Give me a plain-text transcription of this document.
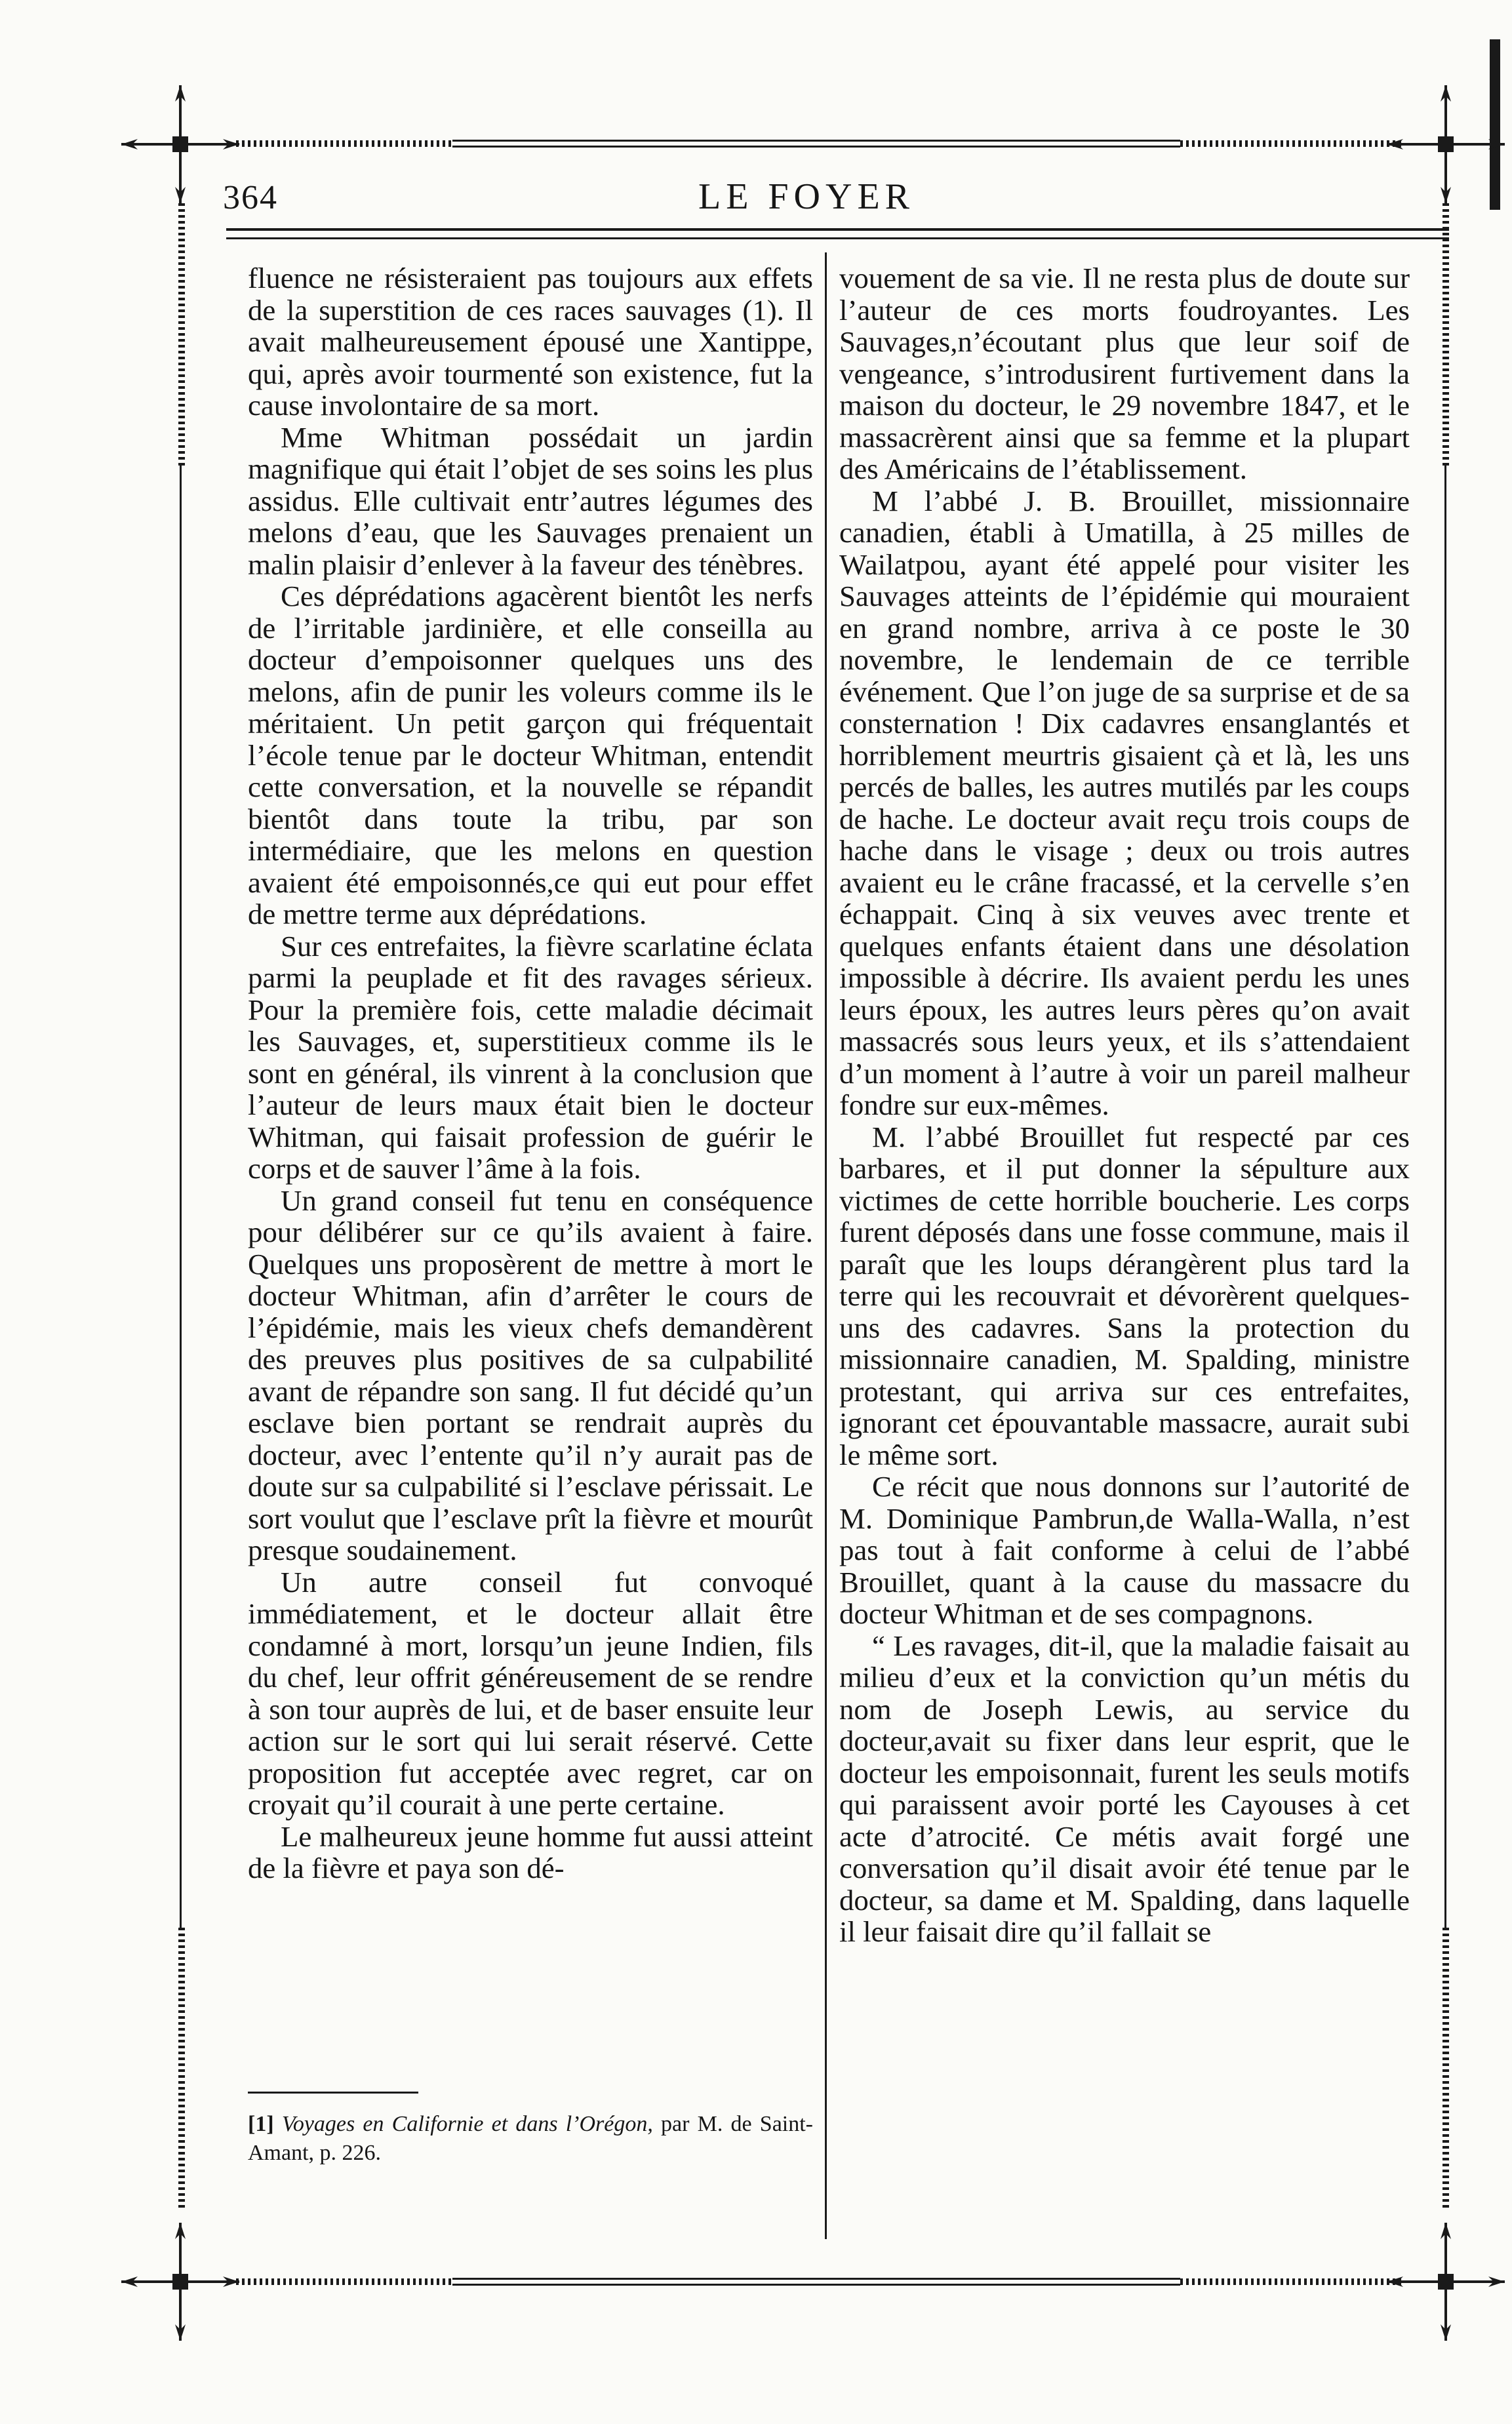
364	LE FOYER

fluence ne résisteraient pas toujours aux effets de la superstition de ces races sauvages (1). Il avait malheureusement épousé une Xantippe, qui, après avoir tourmenté son existence, fut la cause involontaire de sa mort.

Mme Whitman possédait un jardin magnifique qui était l’objet de ses soins les plus assidus. Elle cultivait entr’autres légumes des melons d’eau, que les Sauvages prenaient un malin plaisir d’enlever à la faveur des ténèbres.

Ces déprédations agacèrent bientôt les nerfs de l’irritable jardinière, et elle conseilla au docteur d’empoisonner quelques uns des melons, afin de punir les voleurs comme ils le méritaient. Un petit garçon qui fréquentait l’école tenue par le docteur Whitman, entendit cette conversation, et la nouvelle se répandit bientôt dans toute la tribu, par son intermédiaire, que les melons en question avaient été empoisonnés,ce qui eut pour effet de mettre terme aux déprédations.

Sur ces entrefaites, la fièvre scarlatine éclata parmi la peuplade et fit des ravages sérieux. Pour la première fois, cette maladie décimait les Sauvages, et, superstitieux comme ils le sont en général, ils vinrent à la conclusion que l’auteur de leurs maux était bien le docteur Whitman, qui faisait profession de guérir le corps et de sauver l’âme à la fois.

Un grand conseil fut tenu en conséquence pour délibérer sur ce qu’ils avaient à faire. Quelques uns proposèrent de mettre à mort le docteur Whitman, afin d’arrêter le cours de l’épidémie, mais les vieux chefs demandèrent des preuves plus positives de sa culpabilité avant de répandre son sang. Il fut décidé qu’un esclave bien portant se rendrait auprès du docteur, avec l’entente qu’il n’y aurait pas de doute sur sa culpabilité si l’esclave périssait. Le sort voulut que l’esclave prît la fièvre et mourût presque soudainement.

Un autre conseil fut convoqué immédiatement, et le docteur allait être condamné à mort, lorsqu’un jeune Indien, fils du chef, leur offrit généreusement de se rendre à son tour auprès de lui, et de baser ensuite leur action sur le sort qui lui serait réservé. Cette proposition fut acceptée avec regret, car on croyait qu’il courait à une perte certaine.

Le malheureux jeune homme fut aussi atteint de la fièvre et paya son dé-

vouement de sa vie. Il ne resta plus de doute sur l’auteur de ces morts foudroyantes. Les Sauvages,n’écoutant plus que leur soif de vengeance, s’introdusirent furtivement dans la maison du docteur, le 29 novembre 1847, et le massacrèrent ainsi que sa femme et la plupart des Américains de l’établissement.

M l’abbé J. B. Brouillet, missionnaire canadien, établi à Umatilla, à 25 milles de Wailatpou, ayant été appelé pour visiter les Sauvages atteints de l’épidémie qui mouraient en grand nombre, arriva à ce poste le 30 novembre, le lendemain de ce terrible événement. Que l’on juge de sa surprise et de sa consternation ! Dix cadavres ensanglantés et horriblement meurtris gisaient çà et là, les uns percés de balles, les autres mutilés par les coups de hache. Le docteur avait reçu trois coups de hache dans le visage ; deux ou trois autres avaient eu le crâne fracassé, et la cervelle s’en échappait. Cinq à six veuves avec trente et quelques enfants étaient dans une désolation impossible à décrire. Ils avaient perdu les unes leurs époux, les autres leurs pères qu’on avait massacrés sous leurs yeux, et ils s’attendaient d’un moment à l’autre à voir un pareil malheur fondre sur eux-mêmes.

M. l’abbé Brouillet fut respecté par ces barbares, et il put donner la sépulture aux victimes de cette horrible boucherie. Les corps furent déposés dans une fosse commune, mais il paraît que les loups dérangèrent plus tard la terre qui les recouvrait et dévorèrent quelques-uns des cadavres. Sans la protection du missionnaire canadien, M. Spalding, ministre protestant, qui arriva sur ces entrefaites, ignorant cet épouvantable massacre, aurait subi le même sort.

Ce récit que nous donnons sur l’autorité de M. Dominique Pambrun,de Walla-Walla, n’est pas tout à fait conforme à celui de l’abbé Brouillet, quant à la cause du massacre du docteur Whitman et de ses compagnons.

“ Les ravages, dit-il, que la maladie faisait au milieu d’eux et la conviction qu’un métis du nom de Joseph Lewis, au service du docteur,avait su fixer dans leur esprit, que le docteur les empoisonnait, furent les seuls motifs qui paraissent avoir porté les Cayouses à cet acte d’atrocité. Ce métis avait forgé une conversation qu’il disait avoir été tenue par le docteur, sa dame et M. Spalding, dans laquelle il leur faisait dire qu’il fallait se

[1] Voyages en Californie et dans l’Orégon, par M. de Saint-Amant, p. 226.
